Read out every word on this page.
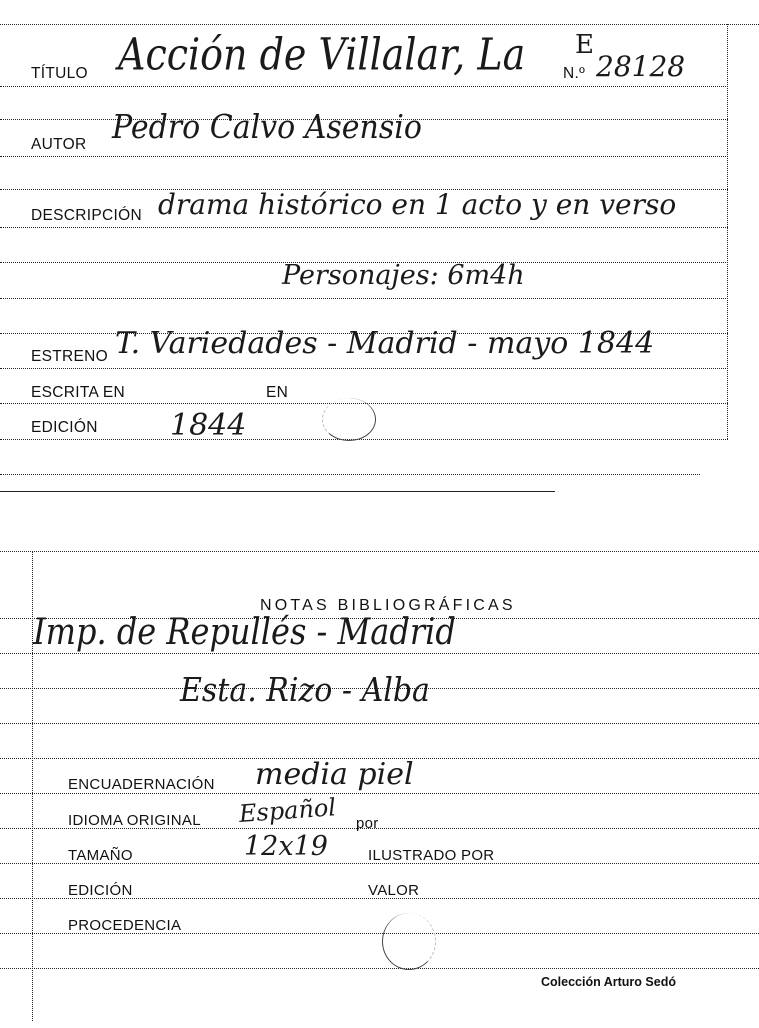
E
TÍTULO Acción de Villalar, La N.º 28128
AUTOR Pedro Calvo Asensio
DESCRIPCIÓN drama histórico en 1 acto y en verso
Personajes: 6m4h
ESTRENO T. Variedades - Madrid - mayo 1844
ESCRITA EN	EN
EDICIÓN 1844
NOTAS BIBLIOGRÁFICAS
Imp. de Repullés - Madrid
Esta. Rizo - Alba
ENCUADERNACIÓN media piel
IDIOMA ORIGINAL Español por
TAMAÑO	12x19	ILUSTRADO POR
EDICIÓN	VALOR
PROCEDENCIA
Colección Arturo Sedó
